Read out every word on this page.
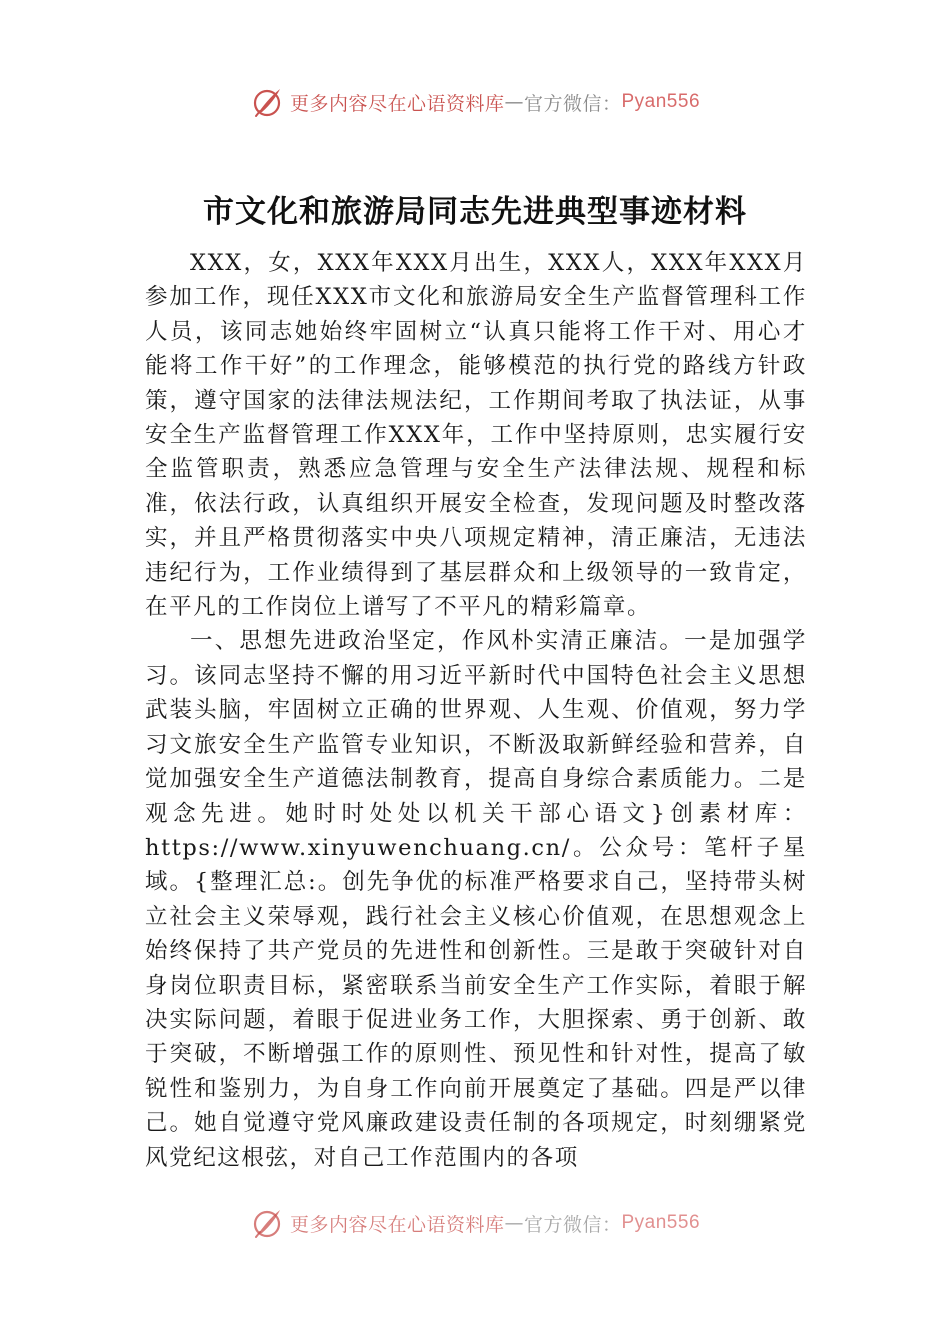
更多内容尽在心语资料库 — 官方微信： Pyan556
市文化和旅游局同志先进典型事迹材料

XXX，女，XXX年XXX月出生，XXX人，XXX年XXX月参加工作，现任XXX市文化和旅游局安全生产监督管理科工作人员，该同志她始终牢固树立“认真只能将工作干对、用心才能将工作干好”的工作理念，能够模范的执行党的路线方针政策，遵守国家的法律法规法纪，工作期间考取了执法证，从事安全生产监督管理工作XXX年，工作中坚持原则，忠实履行安全监管职责，熟悉应急管理与安全生产法律法规、规程和标准，依法行政，认真组织开展安全检查，发现问题及时整改落实，并且严格贯彻落实中央八项规定精神，清正廉洁，无违法违纪行为，工作业绩得到了基层群众和上级领导的一致肯定，在平凡的工作岗位上谱写了不平凡的精彩篇章。

一、思想先进政治坚定，作风朴实清正廉洁。一是加强学习。该同志坚持不懈的用习近平新时代中国特色社会主义思想武装头脑，牢固树立正确的世界观、人生观、价值观，努力学习文旅安全生产监管专业知识，不断汲取新鲜经验和营养，自觉加强安全生产道德法制教育，提高自身综合素质能力。二是观念先进。她时时处处以机关干部心语文}创素材库：https://www.xinyuwenchuang.cn/。公众号：笔杆子星域。{整理汇总:。创先争优的标准严格要求自己，坚持带头树立社会主义荣辱观，践行社会主义核心价值观，在思想观念上始终保持了共产党员的先进性和创新性。三是敢于突破针对自身岗位职责目标，紧密联系当前安全生产工作实际，着眼于解决实际问题，着眼于促进业务工作，大胆探索、勇于创新、敢于突破，不断增强工作的原则性、预见性和针对性，提高了敏锐性和鉴别力，为自身工作向前开展奠定了基础。四是严以律己。她自觉遵守党风廉政建设责任制的各项规定，时刻绷紧党风党纪这根弦，对自己工作范围内的各项

更多内容尽在心语资料库 — 官方微信： Pyan556
